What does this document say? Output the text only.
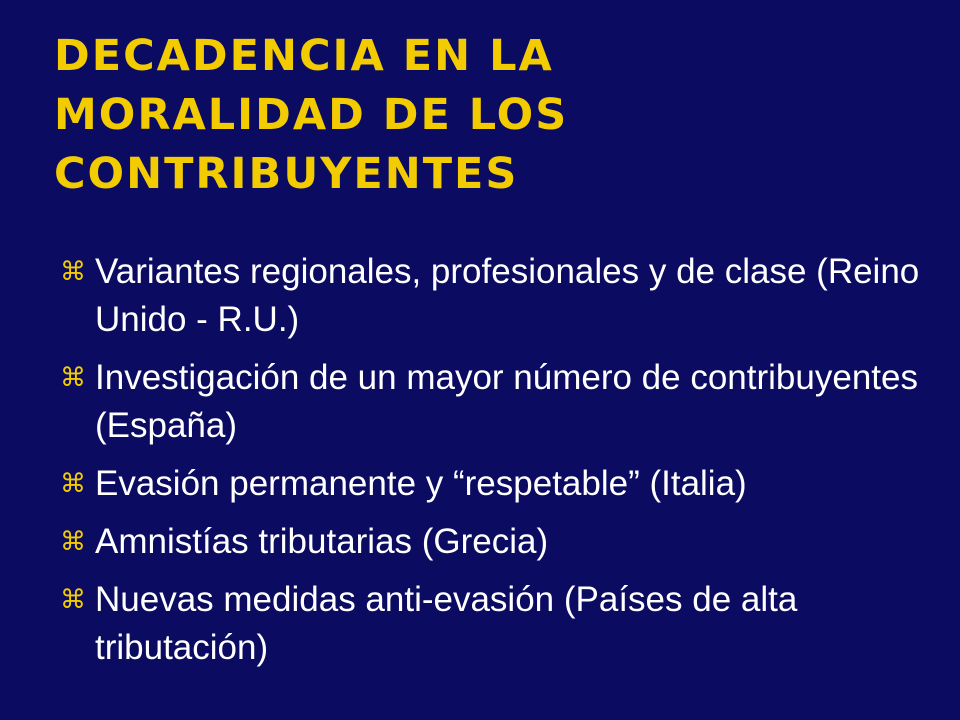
DECADENCIA EN LA
MORALIDAD DE LOS
CONTRIBUYENTES
⌘ Variantes regionales, profesionales y de clase (Reino Unido - R.U.)
⌘ Investigación de un mayor número de contribuyentes (España)
⌘ Evasión permanente y “respetable” (Italia)
⌘ Amnistías tributarias (Grecia)
⌘ Nuevas medidas anti-evasión (Países de alta tributación)
